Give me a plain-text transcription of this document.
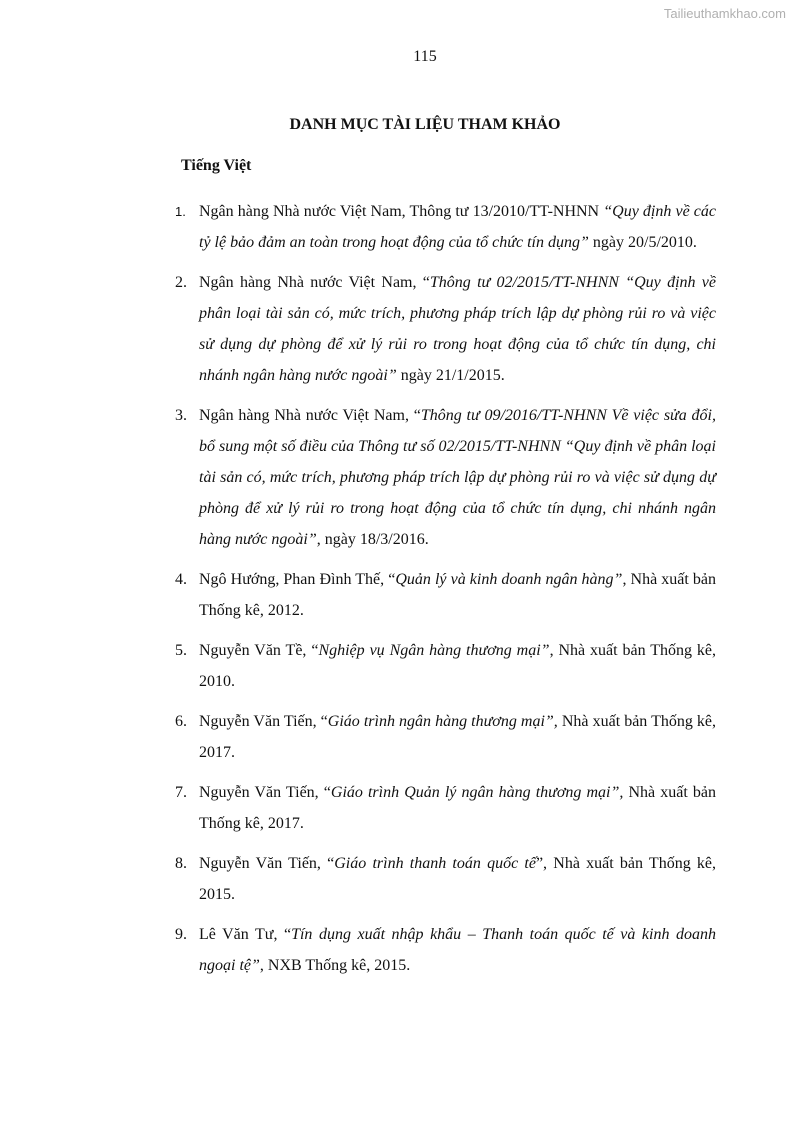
Tailieuthamkhao.com
115
DANH MỤC TÀI LIỆU THAM KHẢO
Tiếng Việt
1. Ngân hàng Nhà nước Việt Nam, Thông tư 13/2010/TT-NHNN “Quy định về các tỷ lệ bảo đảm an toàn trong hoạt động của tổ chức tín dụng” ngày 20/5/2010.
2. Ngân hàng Nhà nước Việt Nam, “Thông tư 02/2015/TT-NHNN “Quy định về phân loại tài sản có, mức trích, phương pháp trích lập dự phòng rủi ro và việc sử dụng dự phòng để xử lý rủi ro trong hoạt động của tổ chức tín dụng, chi nhánh ngân hàng nước ngoài” ngày 21/1/2015.
3. Ngân hàng Nhà nước Việt Nam, “Thông tư 09/2016/TT-NHNN Về việc sửa đổi, bổ sung một số điều của Thông tư số 02/2015/TT-NHNN “Quy định về phân loại tài sản có, mức trích, phương pháp trích lập dự phòng rủi ro và việc sử dụng dự phòng để xử lý rủi ro trong hoạt động của tổ chức tín dụng, chi nhánh ngân hàng nước ngoài”, ngày 18/3/2016.
4. Ngô Hướng, Phan Đình Thế, “Quản lý và kinh doanh ngân hàng”, Nhà xuất bản Thống kê, 2012.
5. Nguyễn Văn Tề, “Nghiệp vụ Ngân hàng thương mại”, Nhà xuất bản Thống kê, 2010.
6. Nguyễn Văn Tiến, “Giáo trình ngân hàng thương mại”, Nhà xuất bản Thống kê, 2017.
7. Nguyễn Văn Tiến, “Giáo trình Quản lý ngân hàng thương mại”, Nhà xuất bản Thống kê, 2017.
8. Nguyễn Văn Tiến, “Giáo trình thanh toán quốc tế”, Nhà xuất bản Thống kê, 2015.
9. Lê Văn Tư, “Tín dụng xuất nhập khẩu – Thanh toán quốc tế và kinh doanh ngoại tệ”, NXB Thống kê, 2015.
